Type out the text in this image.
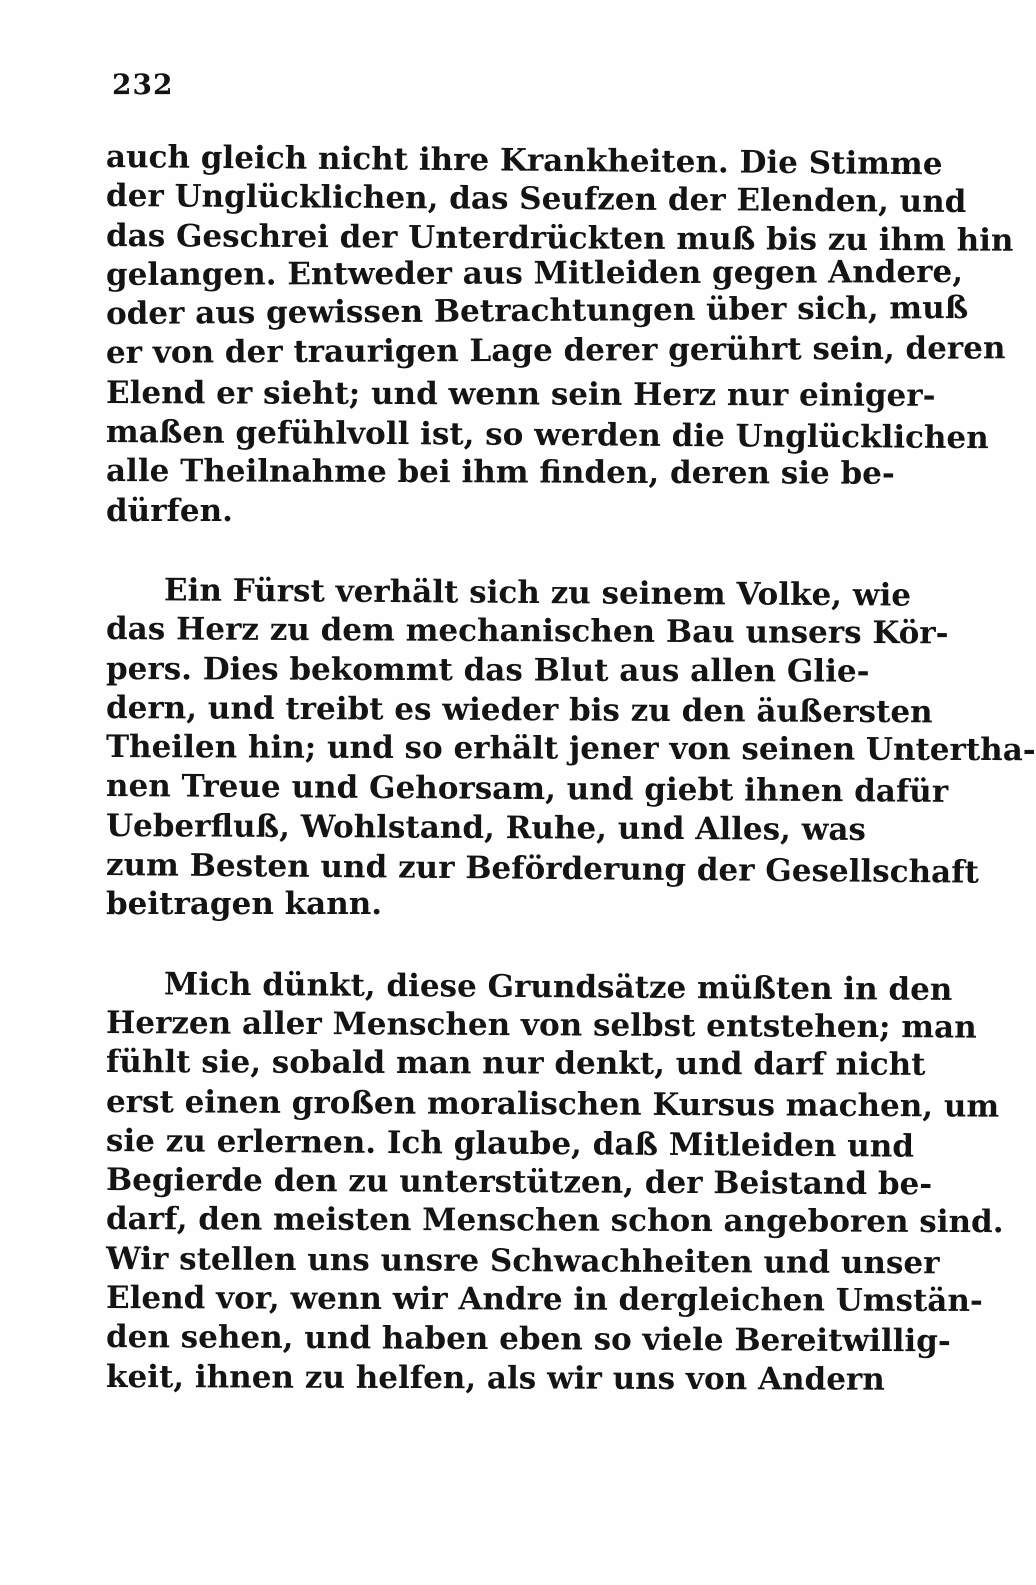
232
auch gleich nicht ihre Krankheiten. Die Stimme
der Unglücklichen, das Seufzen der Elenden, und
das Geschrei der Unterdrückten muß bis zu ihm hin
gelangen. Entweder aus Mitleiden gegen Andere,
oder aus gewissen Betrachtungen über sich, muß
er von der traurigen Lage derer gerührt sein, deren
Elend er sieht; und wenn sein Herz nur einiger-
maßen gefühlvoll ist, so werden die Unglücklichen
alle Theilnahme bei ihm finden, deren sie be-
dürfen.
Ein Fürst verhält sich zu seinem Volke, wie
das Herz zu dem mechanischen Bau unsers Kör-
pers. Dies bekommt das Blut aus allen Glie-
dern, und treibt es wieder bis zu den äußersten
Theilen hin; und so erhält jener von seinen Untertha-
nen Treue und Gehorsam, und giebt ihnen dafür
Ueberfluß, Wohlstand, Ruhe, und Alles, was
zum Besten und zur Beförderung der Gesellschaft
beitragen kann.
Mich dünkt, diese Grundsätze müßten in den
Herzen aller Menschen von selbst entstehen; man
fühlt sie, sobald man nur denkt, und darf nicht
erst einen großen moralischen Kursus machen, um
sie zu erlernen. Ich glaube, daß Mitleiden und
Begierde den zu unterstützen, der Beistand be-
darf, den meisten Menschen schon angeboren sind.
Wir stellen uns unsre Schwachheiten und unser
Elend vor, wenn wir Andre in dergleichen Umstän-
den sehen, und haben eben so viele Bereitwillig-
keit, ihnen zu helfen, als wir uns von Andern
